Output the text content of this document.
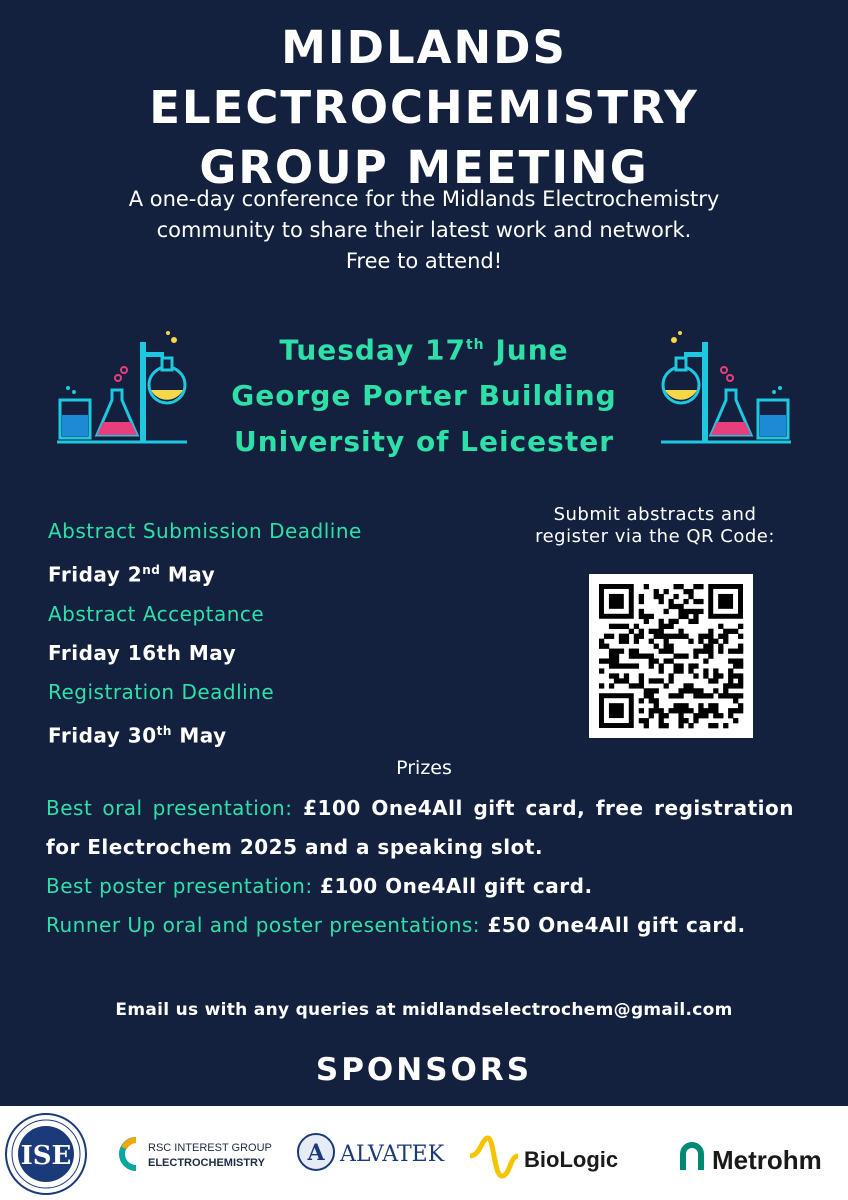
MIDLANDS ELECTROCHEMISTRY
GROUP MEETING
A one-day conference for the Midlands Electrochemistry
community to share their latest work and network.
Free to attend!
Tuesday 17th June
George Porter Building
University of Leicester
Abstract Submission Deadline
Friday 2nd May
Abstract Acceptance
Friday 16th May
Registration Deadline
Friday 30th May
Submit abstracts and
register via the QR Code:
Prizes
Best oral presentation: £100 One4All gift card, free registration for Electrochem 2025 and a speaking slot.
Best poster presentation: £100 One4All gift card.
Runner Up oral and poster presentations: £50 One4All gift card.
Email us with any queries at midlandselectrochem@gmail.com
SPONSORS
ISE	RSC INTEREST GROUP
ELECTROCHEMISTRY A ALVATEK	BioLogic	Metrohm
